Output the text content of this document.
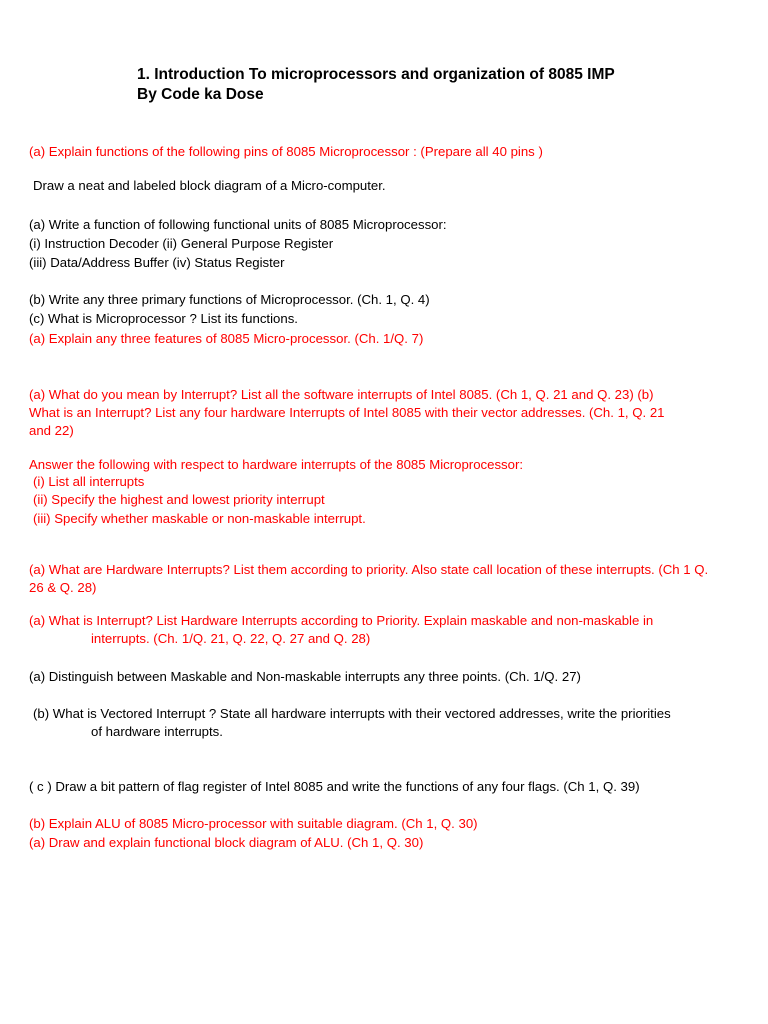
1. Introduction To microprocessors and organization of 8085 IMP
By Code ka Dose
(a) Explain functions of the following pins of 8085 Microprocessor : (Prepare all 40 pins )
Draw a neat and labeled block diagram of a Micro-computer.
(a) Write a function of following functional units of 8085 Microprocessor:
(i) Instruction Decoder (ii) General Purpose Register
(iii) Data/Address Buffer (iv) Status Register
(b) Write any three primary functions of Microprocessor. (Ch. 1, Q. 4)
(c) What is Microprocessor ? List its functions.
(a) Explain any three features of 8085 Micro-processor. (Ch. 1/Q. 7)
(a) What do you mean by Interrupt? List all the software interrupts of Intel 8085. (Ch 1, Q. 21 and Q. 23) (b)
What is an Interrupt? List any four hardware Interrupts of Intel 8085 with their vector addresses. (Ch. 1, Q. 21
and 22)
Answer the following with respect to hardware interrupts of the 8085 Microprocessor:
(i) List all interrupts
(ii) Specify the highest and lowest priority interrupt
(iii) Specify whether maskable or non-maskable interrupt.
(a) What are Hardware Interrupts? List them according to priority. Also state call location of these interrupts. (Ch 1 Q.
26 & Q. 28)
(a) What is Interrupt? List Hardware Interrupts according to Priority. Explain maskable and non-maskable in
interrupts. (Ch. 1/Q. 21, Q. 22, Q. 27 and Q. 28)
(a) Distinguish between Maskable and Non-maskable interrupts any three points. (Ch. 1/Q. 27)
(b) What is Vectored Interrupt ? State all hardware interrupts with their vectored addresses, write the priorities
of hardware interrupts.
( c ) Draw a bit pattern of flag register of Intel 8085 and write the functions of any four flags. (Ch 1, Q. 39)
(b) Explain ALU of 8085 Micro-processor with suitable diagram. (Ch 1, Q. 30)
(a) Draw and explain functional block diagram of ALU. (Ch 1, Q. 30)
